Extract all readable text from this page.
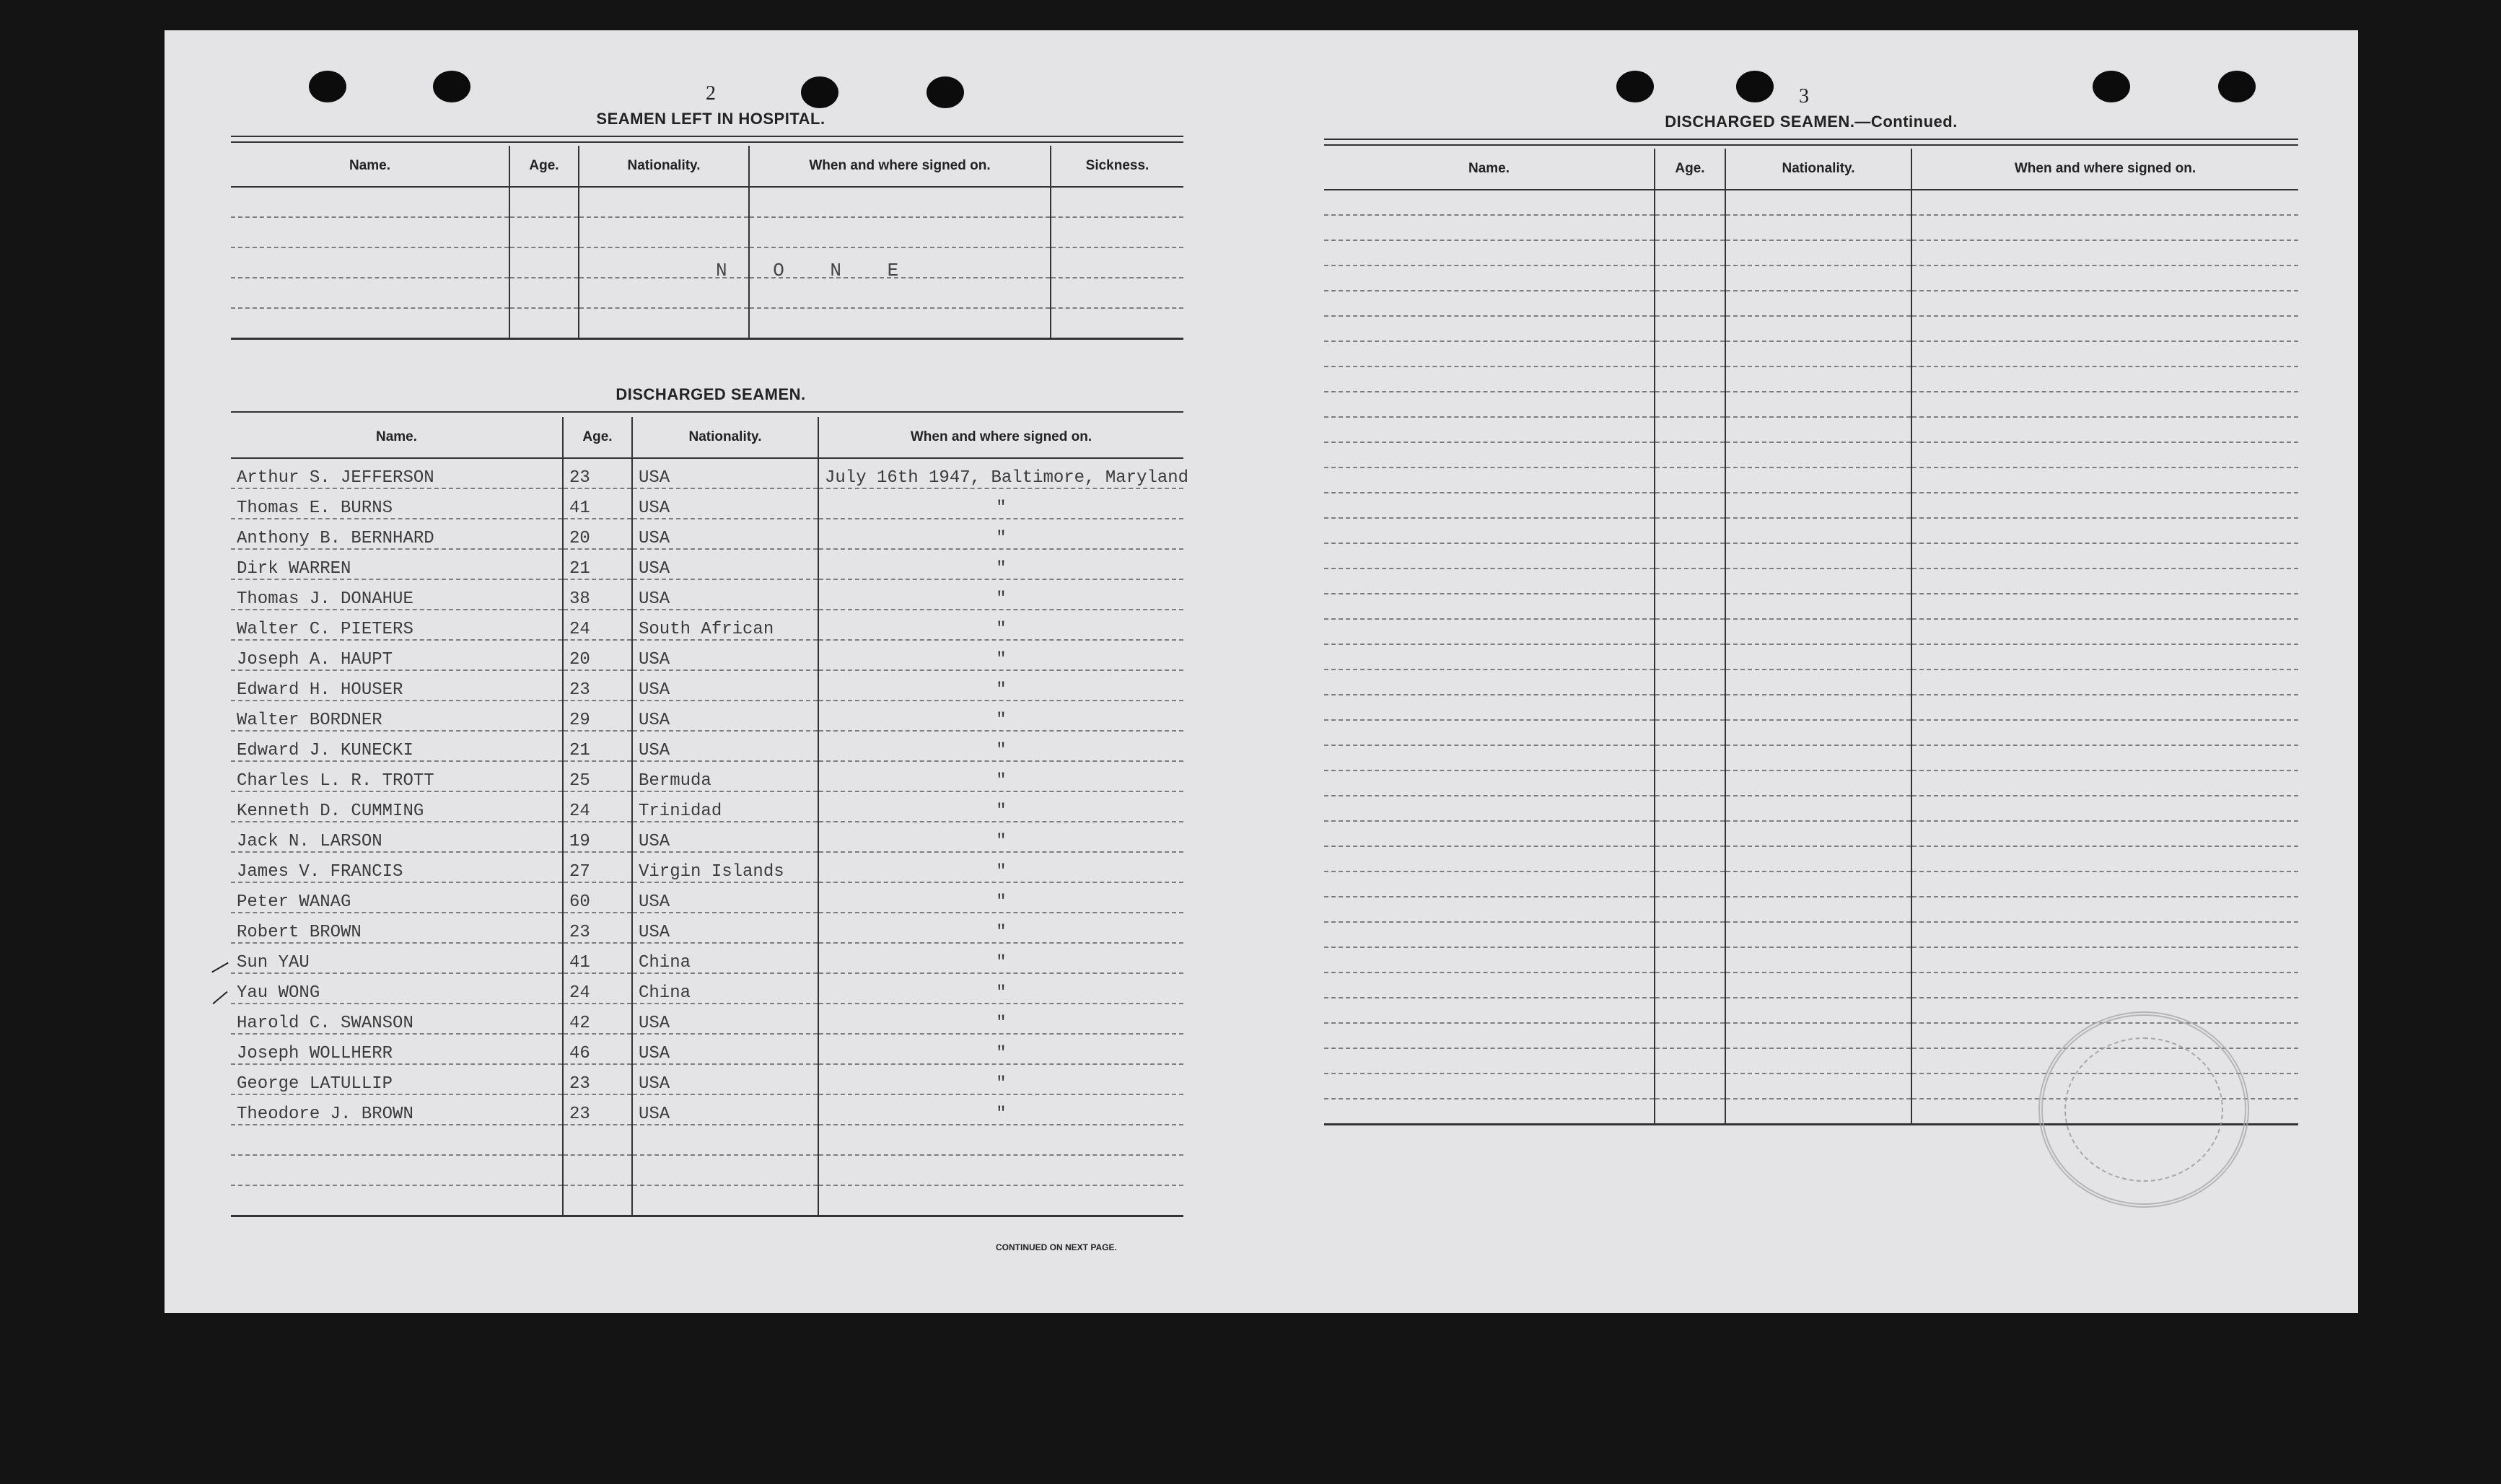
2
SEAMEN LEFT IN HOSPITAL.
Name.	Age.	Nationality.	When and where signed on.	Sickness.

N O N E
DISCHARGED SEAMEN.
Name.	Age.	Nationality.	When and where signed on.
Arthur S. JEFFERSON	23	USA	July 16th 1947, Baltimore, Maryland
Thomas E. BURNS	41	USA	"
Anthony B. BERNHARD	20	USA	"
Dirk WARREN	21	USA	"
Thomas J. DONAHUE	38	USA	"
Walter C. PIETERS	24	South African	"
Joseph A. HAUPT	20	USA	"
Edward H. HOUSER	23	USA	"
Walter BORDNER	29	USA	"
Edward J. KUNECKI	21	USA	"
Charles L. R. TROTT	25	Bermuda	"
Kenneth D. CUMMING	24	Trinidad	"
Jack N. LARSON	19	USA	"
James V. FRANCIS	27	Virgin Islands	"
Peter WANAG	60	USA	"
Robert BROWN	23	USA	"
Sun YAU	41	China	"
Yau WONG	24	China	"
Harold C. SWANSON	42	USA	"
Joseph WOLLHERR	46	USA	"
George LATULLIP	23	USA	"
Theodore J. BROWN	23	USA	"

CONTINUED ON NEXT PAGE.
3
DISCHARGED SEAMEN.—Continued.
Name.	Age.	Nationality.	When and where signed on.
